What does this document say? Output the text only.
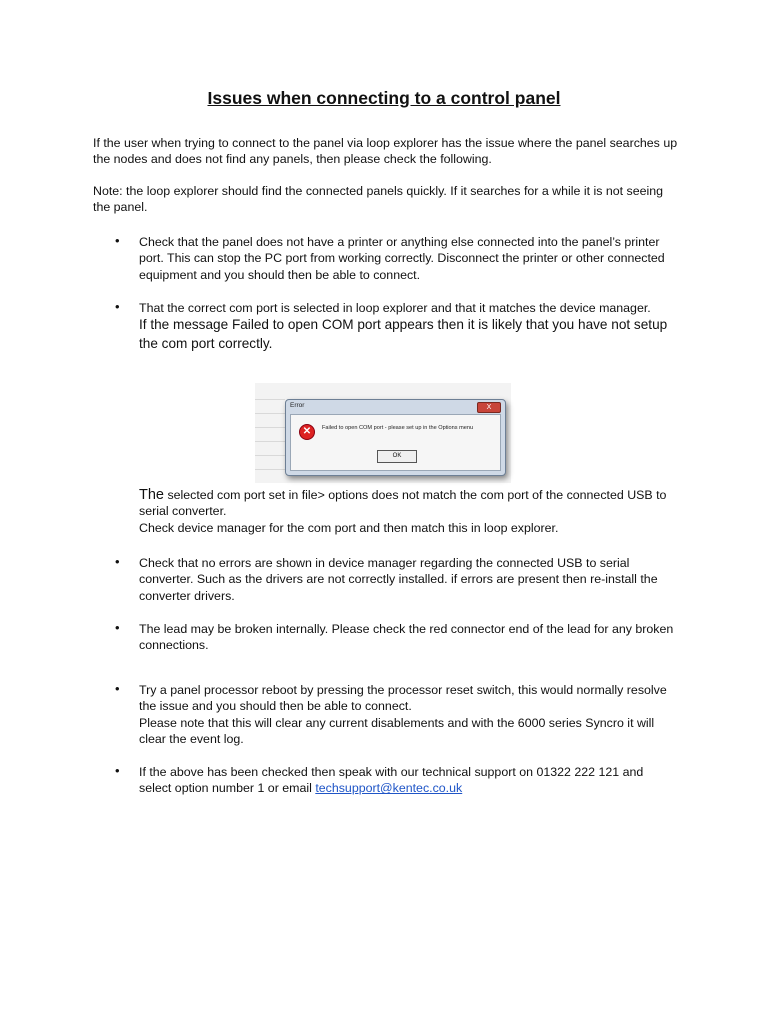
Issues when connecting to a control panel
If the user when trying to connect to the panel via loop explorer has the issue where the panel searches up the nodes and does not find any panels, then please check the following.
Note: the loop explorer should find the connected panels quickly. If it searches for a while it is not seeing the panel.
• Check that the panel does not have a printer or anything else connected into the panel’s printer port. This can stop the PC port from working correctly. Disconnect the printer or other connected equipment and you should then be able to connect.
• That the correct com port is selected in loop explorer and that it matches the device manager.
If the message Failed to open COM port appears then it is likely that you have not setup the com port correctly.
Error	X
✕	Failed to open COM port - please set up in the Options menu
OK
The selected com port set in file> options does not match the com port of the connected USB to serial converter.
Check device manager for the com port and then match this in loop explorer.
• Check that no errors are shown in device manager regarding the connected USB to serial converter. Such as the drivers are not correctly installed. if errors are present then re-install the converter drivers.
• The lead may be broken internally. Please check the red connector end of the lead for any broken connections.
• Try a panel processor reboot by pressing the processor reset switch, this would normally resolve the issue and you should then be able to connect.
Please note that this will clear any current disablements and with the 6000 series Syncro it will clear the event log.
• If the above has been checked then speak with our technical support on 01322 222 121 and select option number 1 or email techsupport@kentec.co.uk
